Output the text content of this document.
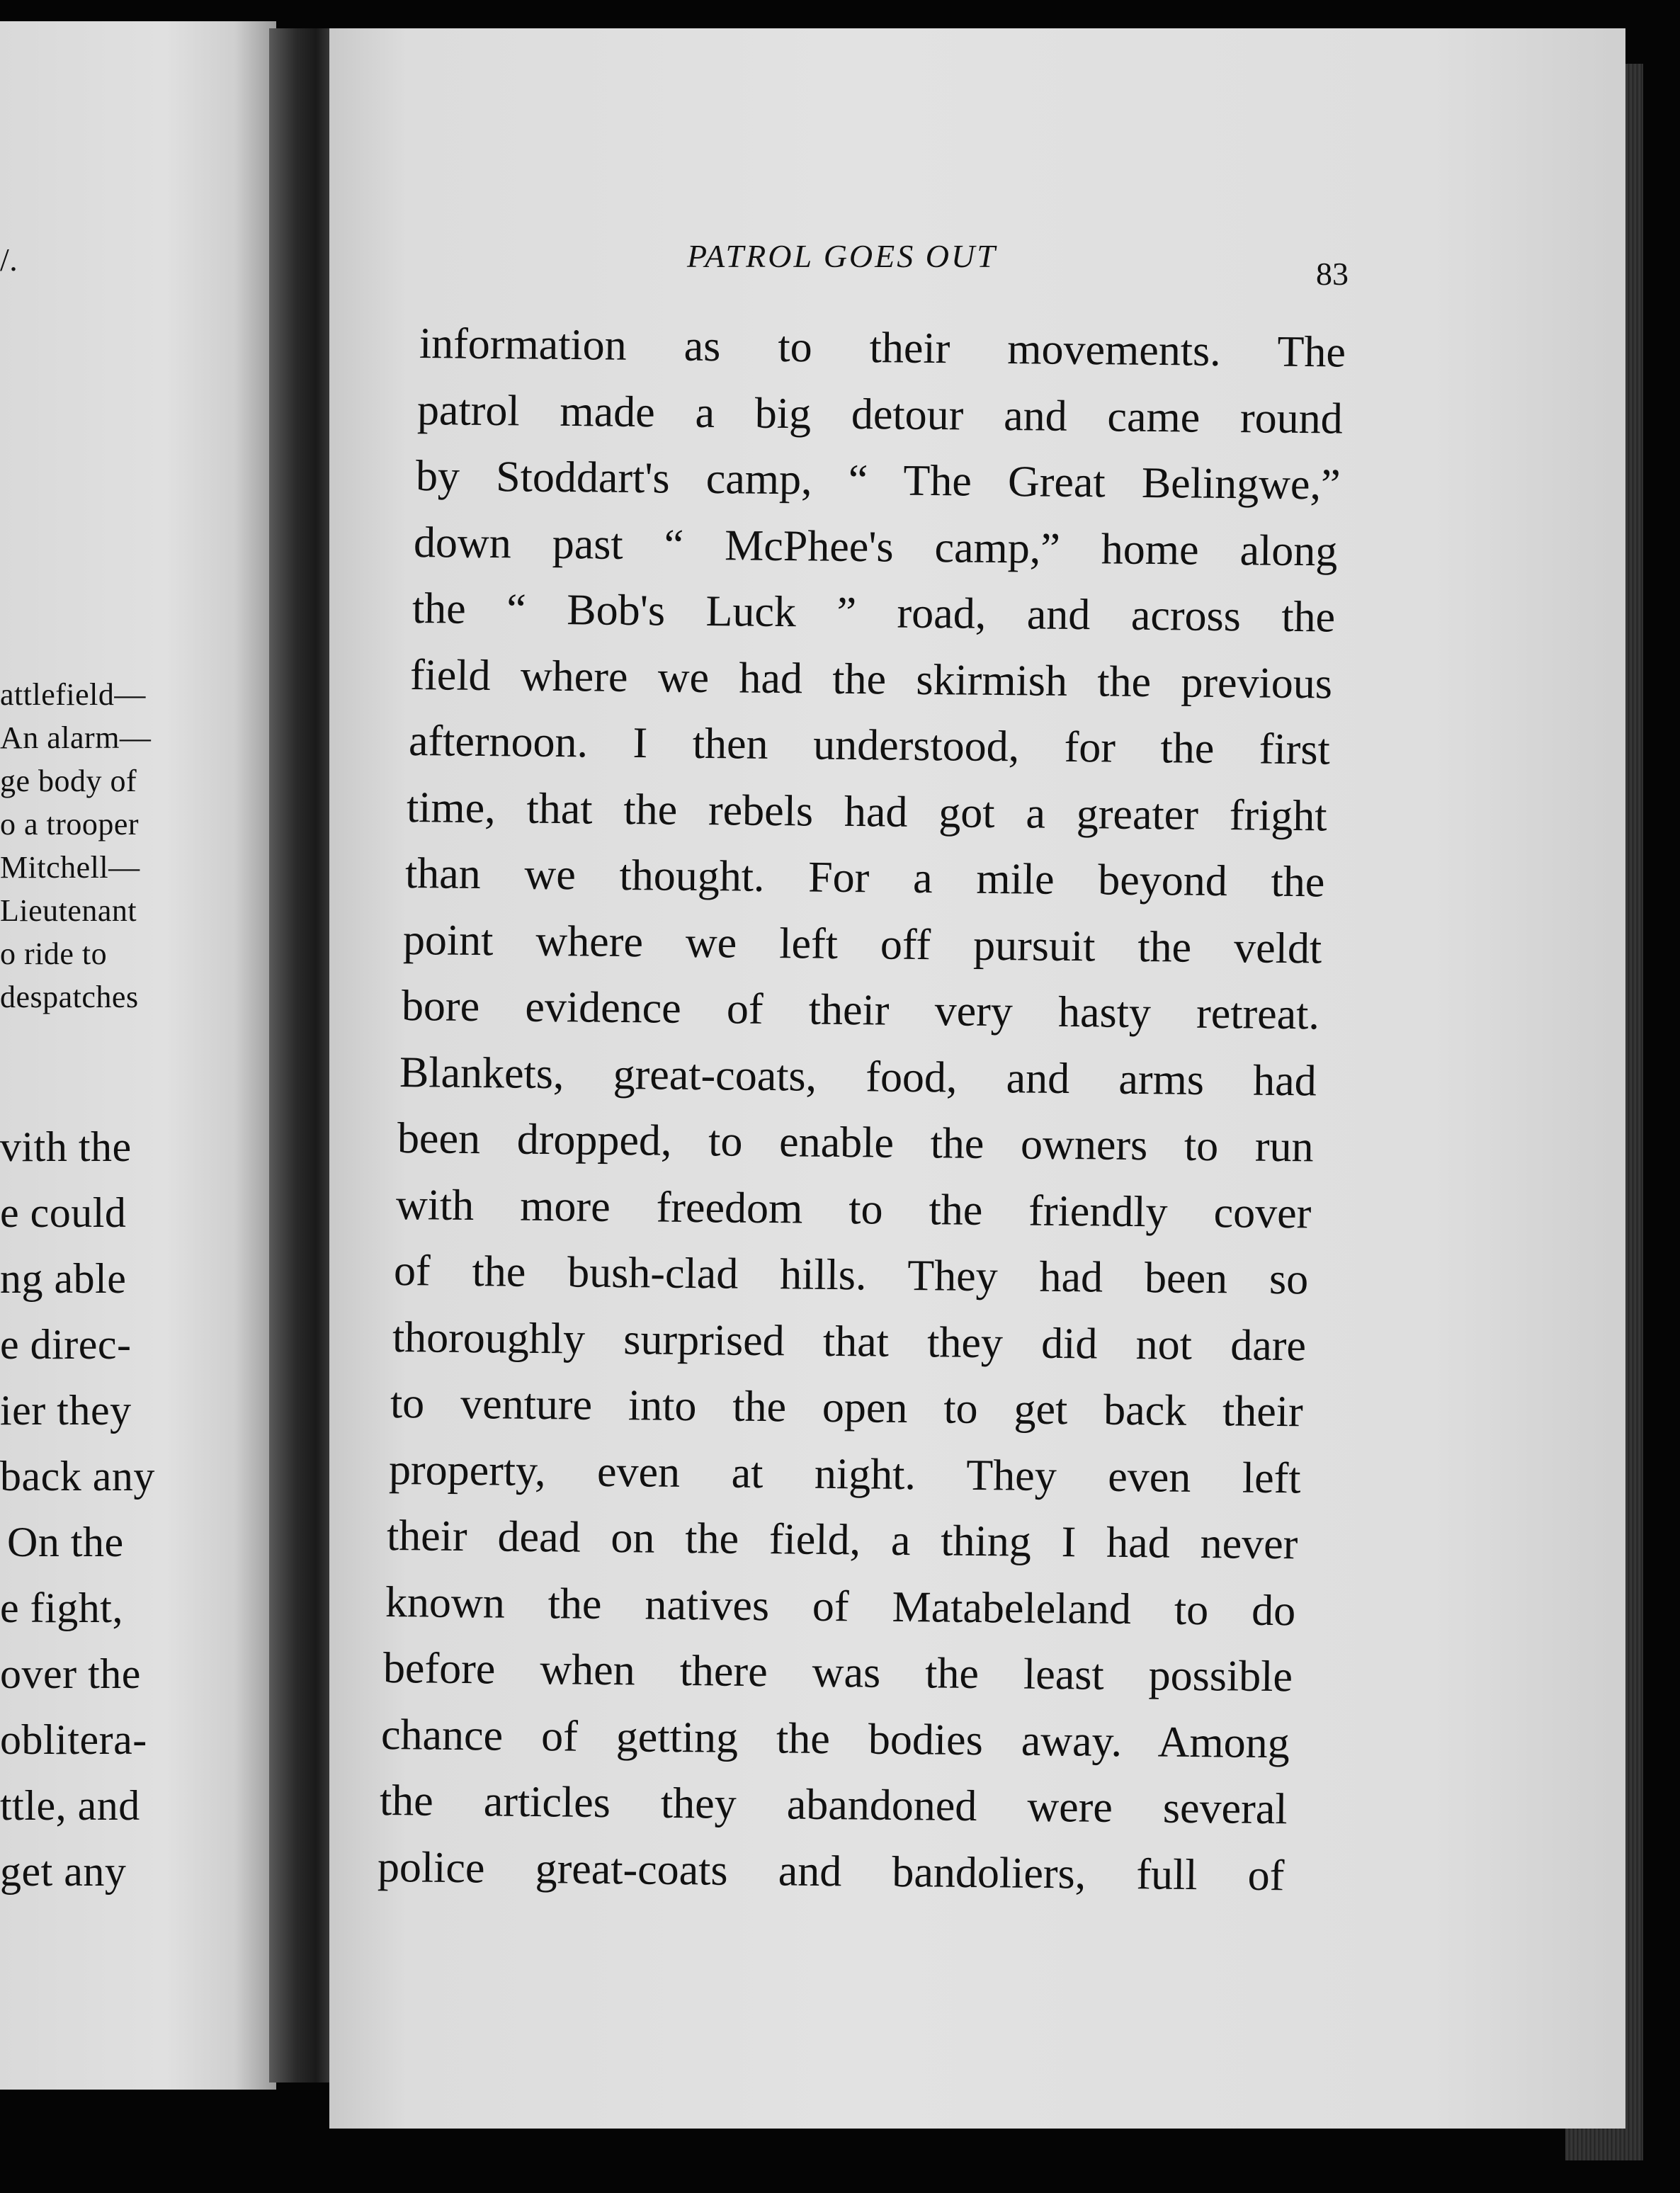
/.
attlefield—
An alarm—
ge body of
o a trooper
Mitchell—
Lieutenant
o ride to
despatches
vith the
e could
ng able
e direc-
ier they
back any
On the
e fight,
over the
oblitera-
ttle, and
get any
PATROL GOES OUT	83
information as to their movements. The
patrol made a big detour and came round
by Stoddart's camp, “ The Great Belingwe,”
down past “ McPhee's camp,” home along
the “ Bob's Luck ” road, and across the
field where we had the skirmish the previous
afternoon. I then understood, for the first
time, that the rebels had got a greater fright
than we thought. For a mile beyond the
point where we left off pursuit the veldt
bore evidence of their very hasty retreat.
Blankets, great-coats, food, and arms had
been dropped, to enable the owners to run
with more freedom to the friendly cover
of the bush-clad hills. They had been so
thoroughly surprised that they did not dare
to venture into the open to get back their
property, even at night. They even left
their dead on the field, a thing I had never
known the natives of Matabeleland to do
before when there was the least possible
chance of getting the bodies away. Among
the articles they abandoned were several
police great-coats and bandoliers, full of
